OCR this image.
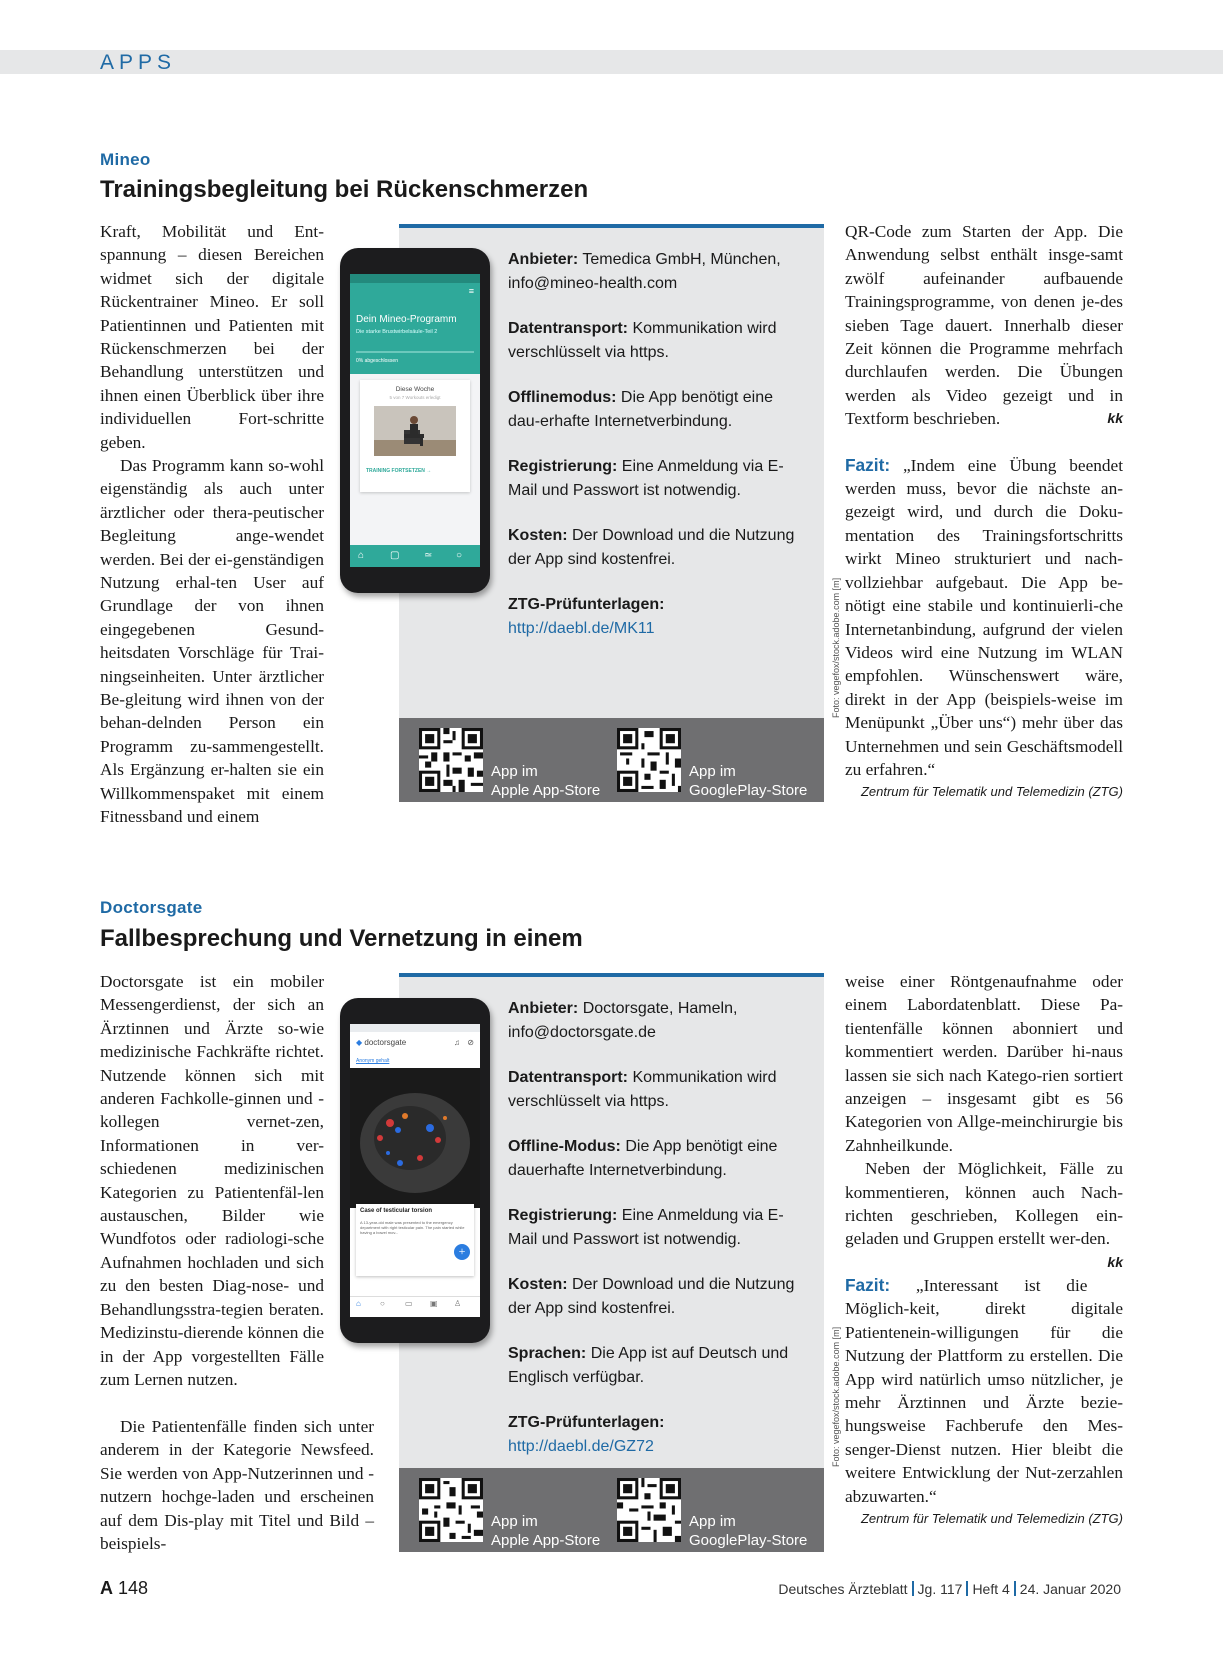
APPS
Mineo
Trainingsbegleitung bei Rückenschmerzen

Kraft, Mobilität und Ent-spannung – diesen Bereichen widmet sich der digitale Rückentrainer Mineo. Er soll Patientinnen und Patienten mit Rückenschmerzen bei der Behandlung unterstützen und ihnen einen Überblick über ihre individuellen Fort-schritte geben.

Das Programm kann so-wohl eigenständig als auch unter ärztlicher oder thera-peutischer Begleitung ange-wendet werden. Bei der ei-genständigen Nutzung erhal-ten User auf Grundlage der von ihnen eingegebenen Gesund-heitsdaten Vorschläge für Trai-ningseinheiten. Unter ärztlicher Be-gleitung wird ihnen von der behan-delnden Person ein Programm zu-sammengestellt. Als Ergänzung er-halten sie ein Willkommenspaket mit einem Fitnessband und einem

Anbieter: Temedica GmbH, München, info@mineo-health.com
Datentransport: Kommunikation wird verschlüsselt via https.
Offlinemodus: Die App benötigt eine dau-erhafte Internetverbindung.
Registrierung: Eine Anmeldung via E-Mail und Passwort ist notwendig.
Kosten: Der Download und die Nutzung der App sind kostenfrei.
ZTG-Prüfunterlagen: http://daebl.de/MK11	Foto: vegefox/stock.adobe.com [m]
App im
Apple App-Store
App im
GooglePlay-Store
≡
Dein Mineo-Programm
Die starke Brustwirbelsäule-Teil 2
0% abgeschlossen
Diese Woche
5 von 7 Workouts erledigt
TRAINING FORTSETZEN →
⌂	▢ ≃ ○

QR-Code zum Starten der App. Die Anwendung selbst enthält insge-samt zwölf aufeinander aufbauende Trainingsprogramme, von denen je-des sieben Tage dauert. Innerhalb dieser Zeit können die Programme mehrfach durchlaufen werden. Die Übungen werden als Video gezeigt und in Textform beschrieben.	kk

Fazit: „Indem eine Übung beendet werden muss, bevor die nächste an-gezeigt wird, und durch die Doku-mentation des Trainingsfortschritts wirkt Mineo strukturiert und nach-vollziehbar aufgebaut. Die App be-nötigt eine stabile und kontinuierli-che Internetanbindung, aufgrund der vielen Videos wird eine Nutzung im WLAN empfohlen. Wünschenswert wäre, direkt in der App (beispiels-weise im Menüpunkt „Über uns“) mehr über das Unternehmen und sein Geschäftsmodell zu erfahren.“

Zentrum für Telematik und Telemedizin (ZTG)
Doctorsgate
Fallbesprechung und Vernetzung in einem

Doctorsgate ist ein mobiler Messengerdienst, der sich an Ärztinnen und Ärzte so-wie medizinische Fachkräfte richtet. Nutzende können sich mit anderen Fachkolle-ginnen und -kollegen vernet-zen, Informationen in ver-schiedenen medizinischen Kategorien zu Patientenfäl-len austauschen, Bilder wie Wundfotos oder radiologi-sche Aufnahmen hochladen und sich zu den besten Diag-nose- und Behandlungsstra-tegien beraten. Medizinstu-dierende können die in der App vorgestellten Fälle zum Lernen nutzen.

Die Patientenfälle finden sich unter anderem in der Kategorie Newsfeed. Sie werden von App-Nutzerinnen und -nutzern hochge-laden und erscheinen auf dem Dis-play mit Titel und Bild – beispiels-

Anbieter: Doctorsgate, Hameln, info@doctorsgate.de
Datentransport: Kommunikation wird verschlüsselt via https.
Offline-Modus: Die App benötigt eine dauerhafte Internetverbindung.
Registrierung: Eine Anmeldung via E-Mail und Passwort ist notwendig.
Kosten: Der Download und die Nutzung der App sind kostenfrei.
Sprachen: Die App ist auf Deutsch und Englisch verfügbar.
ZTG-Prüfunterlagen: http://daebl.de/GZ72	Foto: vegefox/stock.adobe.com [m]
App im
Apple App-Store
App im
GooglePlay-Store
◆ doctorsgate	♫ ⊘
Anonym gehalt
Case of testicular torsion
A 13-year-old male was presented to the emergency department with right testicular pain. The pain started while having a bowel mov...
+
⌂ ○	▭ ▣ ♙

weise einer Röntgenaufnahme oder einem Labordatenblatt. Diese Pa-tientenfälle können abonniert und kommentiert werden. Darüber hi-naus lassen sie sich nach Katego-rien sortiert anzeigen – insgesamt gibt es 56 Kategorien von Allge-meinchirurgie bis Zahnheilkunde.

Neben der Möglichkeit, Fälle zu kommentieren, können auch Nach-richten geschrieben, Kollegen ein-geladen und Gruppen erstellt wer-den.
kk

Fazit: „Interessant ist die Möglich-keit, direkt digitale Patientenein-willigungen für die Nutzung der Plattform zu erstellen. Die App wird natürlich umso nützlicher, je mehr Ärztinnen und Ärzte bezie-hungsweise Fachberufe den Mes-senger-Dienst nutzen. Hier bleibt die weitere Entwicklung der Nut-zerzahlen abzuwarten.“

Zentrum für Telematik und Telemedizin (ZTG)
A 148	Deutsches Ärzteblatt Jg. 117 Heft 4 24. Januar 2020
